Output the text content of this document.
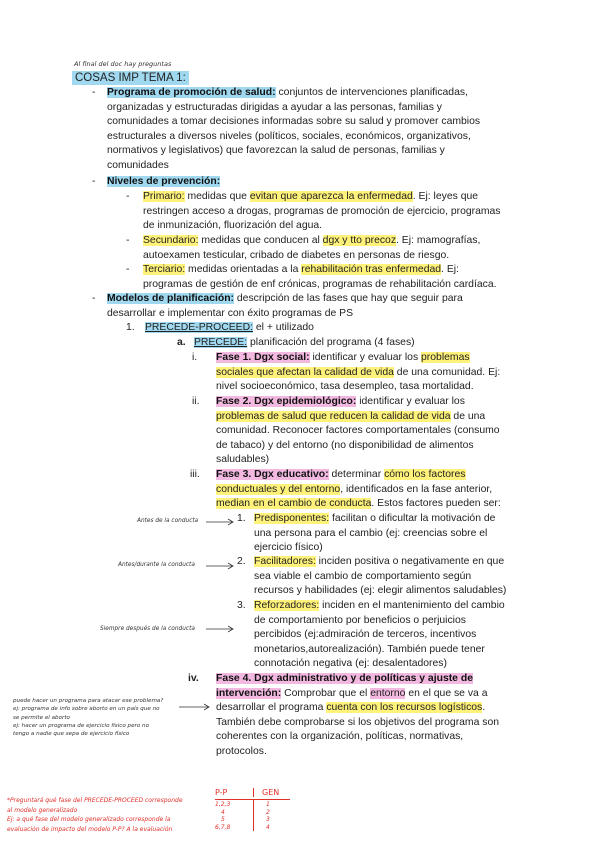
Al final del doc hay preguntas
COSAS IMP TEMA 1:
- Programa de promoción de salud: conjuntos de intervenciones planificadas,
organizadas y estructuradas dirigidas a ayudar a las personas, familias y
comunidades a tomar decisiones informadas sobre su salud y promover cambios
estructurales a diversos niveles (políticos, sociales, económicos, organizativos,
normativos y legislativos) que favorezcan la salud de personas, familias y
comunidades
- Niveles de prevención:
- Primario: medidas que evitan que aparezca la enfermedad. Ej: leyes que
restringen acceso a drogas, programas de promoción de ejercicio, programas
de inmunización, fluorización del agua.
- Secundario: medidas que conducen al dgx y tto precoz. Ej: mamografías,
autoexamen testicular, cribado de diabetes en personas de riesgo.
- Terciario: medidas orientadas a la rehabilitación tras enfermedad. Ej:
programas de gestión de enf crónicas, programas de rehabilitación cardíaca.
- Modelos de planificación: descripción de las fases que hay que seguir para
desarrollar e implementar con éxito programas de PS
1. PRECEDE-PROCEED: el + utilizado
a. PRECEDE: planificación del programa (4 fases)
i. Fase 1. Dgx social: identificar y evaluar los problemas
sociales que afectan la calidad de vida de una comunidad. Ej:
nivel socioeconómico, tasa desempleo, tasa mortalidad.
ii. Fase 2. Dgx epidemiológico: identificar y evaluar los
problemas de salud que reducen la calidad de vida de una
comunidad. Reconocer factores comportamentales (consumo
de tabaco) y del entorno (no disponibilidad de alimentos
saludables)
iii. Fase 3. Dgx educativo: determinar cómo los factores
conductuales y del entorno, identificados en la fase anterior,
median en el cambio de conducta. Estos factores pueden ser:
1. Predisponentes: facilitan o dificultar la motivación de
una persona para el cambio (ej: creencias sobre el
ejercicio físico)
2. Facilitadores: inciden positiva o negativamente en que
sea viable el cambio de comportamiento según
recursos y habilidades (ej: elegir alimentos saludables)
3. Reforzadores: inciden en el mantenimiento del cambio
de comportamiento por beneficios o perjuicios
percibidos (ej:admiración de terceros, incentivos
monetarios,autorealización). También puede tener
connotación negativa (ej: desalentadores)
iv. Fase 4. Dgx administrativo y de políticas y ajuste de
intervención: Comprobar que el entorno en el que se va a
desarrollar el programa cuenta con los recursos logísticos.
También debe comprobarse si los objetivos del programa son
coherentes con la organización, políticas, normativas,
protocolos.
Antes de la conducta
Antes/durante la conducta
Siempre después de la conducta
puede hacer un programa para atacar ese problema?
ej: programa de info sobre aborto en un país que no
se permite el aborto
ej: hacer un programa de ejercicio físico pero no
tengo a nadie que sepa de ejercicio físico
*Preguntará qué fase del PRECEDE-PROCEED corresponde
al modelo generalizado
Ej: a qué fase del modelo generalizado corresponde la
evaluación de impacto del modelo P-P? A la evaluación
P-P	GEN
1,2,3
4
5
6,7,8
1
2
3
4
